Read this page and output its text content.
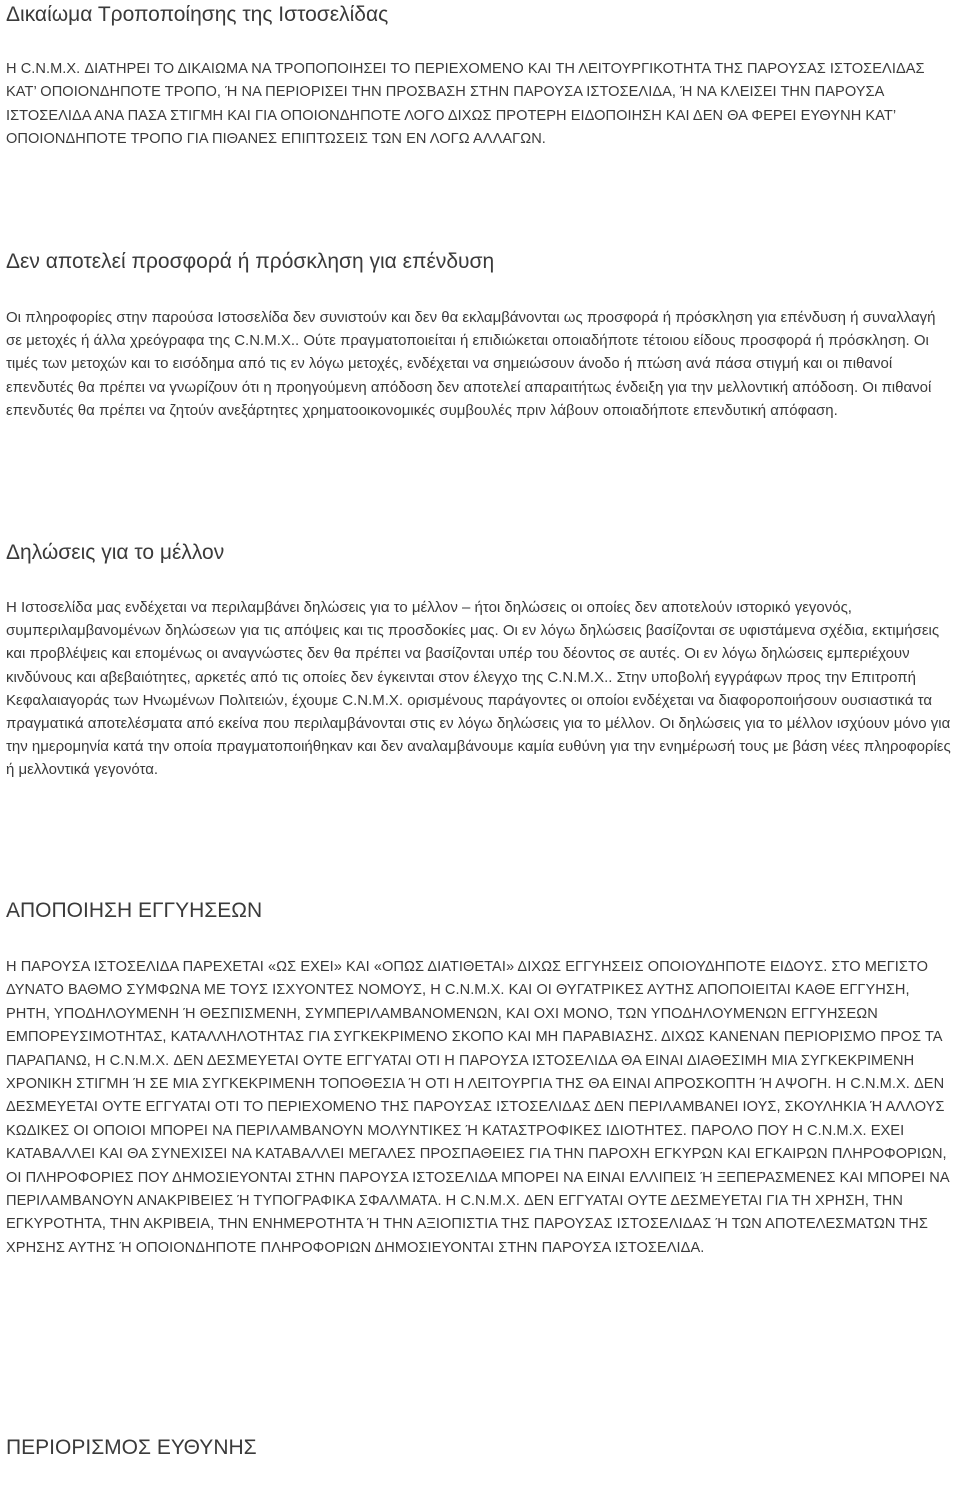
Δικαίωμα Τροποποίησης της Ιστοσελίδας

Η C.N.M.X. ΔΙΑΤΗΡΕΙ ΤΟ ΔΙΚΑΙΩΜΑ ΝΑ ΤΡΟΠΟΠΟΙΗΣΕΙ ΤΟ ΠΕΡΙΕΧΟΜΕΝΟ ΚΑΙ ΤΗ ΛΕΙΤΟΥΡΓΙΚΟΤΗΤΑ ΤΗΣ ΠΑΡΟΥΣΑΣ ΙΣΤΟΣΕΛΙΔΑΣ ΚΑΤ’ ΟΠΟΙΟΝΔΗΠΟΤΕ ΤΡΟΠΟ, Ή ΝΑ ΠΕΡΙΟΡΙΣΕΙ ΤΗΝ ΠΡΟΣΒΑΣΗ ΣΤΗΝ ΠΑΡΟΥΣΑ ΙΣΤΟΣΕΛΙΔΑ, Ή ΝΑ ΚΛΕΙΣΕΙ ΤΗΝ ΠΑΡΟΥΣΑ ΙΣΤΟΣΕΛΙΔΑ ΑΝΑ ΠΑΣΑ ΣΤΙΓΜΗ ΚΑΙ ΓΙΑ ΟΠΟΙΟΝΔΗΠΟΤΕ ΛΟΓΟ ΔΙΧΩΣ ΠΡΟΤΕΡΗ ΕΙΔΟΠΟΙΗΣΗ ΚΑΙ ΔΕΝ ΘΑ ΦΕΡΕΙ ΕΥΘΥΝΗ ΚΑΤ’ ΟΠΟΙΟΝΔΗΠΟΤΕ ΤΡΟΠΟ ΓΙΑ ΠΙΘΑΝΕΣ ΕΠΙΠΤΩΣΕΙΣ ΤΩΝ ΕΝ ΛΟΓΩ ΑΛΛΑΓΩΝ.

Δεν αποτελεί προσφορά ή πρόσκληση για επένδυση

Οι πληροφορίες στην παρούσα Ιστοσελίδα δεν συνιστούν και δεν θα εκλαμβάνονται ως προσφορά ή πρόσκληση για επένδυση ή συναλλαγή σε μετοχές ή άλλα χρεόγραφα της C.N.M.X.. Ούτε πραγματοποιείται ή επιδιώκεται οποιαδήποτε τέτοιου είδους προσφορά ή πρόσκληση. Οι τιμές των μετοχών και το εισόδημα από τις εν λόγω μετοχές, ενδέχεται να σημειώσουν άνοδο ή πτώση ανά πάσα στιγμή και οι πιθανοί επενδυτές θα πρέπει να γνωρίζουν ότι η προηγούμενη απόδοση δεν αποτελεί απαραιτήτως ένδειξη για την μελλοντική απόδοση. Οι πιθανοί επενδυτές θα πρέπει να ζητούν ανεξάρτητες χρηματοοικονομικές συμβουλές πριν λάβουν οποιαδήποτε επενδυτική απόφαση.

Δηλώσεις για το μέλλον

Η Ιστοσελίδα μας ενδέχεται να περιλαμβάνει δηλώσεις για το μέλλον – ήτοι δηλώσεις οι οποίες δεν αποτελούν ιστορικό γεγονός, συμπεριλαμβανομένων δηλώσεων για τις απόψεις και τις προσδοκίες μας. Οι εν λόγω δηλώσεις βασίζονται σε υφιστάμενα σχέδια, εκτιμήσεις και προβλέψεις και επομένως οι αναγνώστες δεν θα πρέπει να βασίζονται υπέρ του δέοντος σε αυτές. Οι εν λόγω δηλώσεις εμπεριέχουν κινδύνους και αβεβαιότητες, αρκετές από τις οποίες δεν έγκεινται στον έλεγχο της C.N.M.X.. Στην υποβολή εγγράφων προς την Επιτροπή Κεφαλαιαγοράς των Ηνωμένων Πολιτειών, έχουμε C.N.M.X. ορισμένους παράγοντες οι οποίοι ενδέχεται να διαφοροποιήσουν ουσιαστικά τα πραγματικά αποτελέσματα από εκείνα που περιλαμβάνονται στις εν λόγω δηλώσεις για το μέλλον. Οι δηλώσεις για το μέλλον ισχύουν μόνο για την ημερομηνία κατά την οποία πραγματοποιήθηκαν και δεν αναλαμβάνουμε καμία ευθύνη για την ενημέρωσή τους με βάση νέες πληροφορίες ή μελλοντικά γεγονότα.

ΑΠΟΠΟΙΗΣΗ ΕΓΓΥΗΣΕΩΝ

Η ΠΑΡΟΥΣΑ ΙΣΤΟΣΕΛΙΔΑ ΠΑΡΕΧΕΤΑΙ «ΩΣ ΕΧΕΙ» ΚΑΙ «ΟΠΩΣ ΔΙΑΤΙΘΕΤΑΙ» ΔΙΧΩΣ ΕΓΓΥΗΣΕΙΣ ΟΠΟΙΟΥΔΗΠΟΤΕ ΕΙΔΟΥΣ. ΣΤΟ ΜΕΓΙΣΤΟ ΔΥΝΑΤΟ ΒΑΘΜΟ ΣΥΜΦΩΝΑ ΜΕ ΤΟΥΣ ΙΣΧΥΟΝΤΕΣ ΝΟΜΟΥΣ, Η C.N.M.X. ΚΑΙ ΟΙ ΘΥΓΑΤΡΙΚΕΣ ΑΥΤΗΣ ΑΠΟΠΟΙΕΙΤΑΙ ΚΑΘΕ ΕΓΓΥΗΣΗ, ΡΗΤΗ, ΥΠΟΔΗΛΟΥΜΕΝΗ Ή ΘΕΣΠΙΣΜΕΝΗ, ΣΥΜΠΕΡΙΛΑΜΒΑΝΟΜΕΝΩΝ, ΚΑΙ ΟΧΙ ΜΟΝΟ, ΤΩΝ ΥΠΟΔΗΛΟΥΜΕΝΩΝ ΕΓΓΥΗΣΕΩΝ ΕΜΠΟΡΕΥΣΙΜΟΤΗΤΑΣ, ΚΑΤΑΛΛΗΛΟΤΗΤΑΣ ΓΙΑ ΣΥΓΚΕΚΡΙΜΕΝΟ ΣΚΟΠΟ ΚΑΙ ΜΗ ΠΑΡΑΒΙΑΣΗΣ. ΔΙΧΩΣ ΚΑΝΕΝΑΝ ΠΕΡΙΟΡΙΣΜΟ ΠΡΟΣ ΤΑ ΠΑΡΑΠΑΝΩ, Η C.N.M.X. ΔΕΝ ΔΕΣΜΕΥΕΤΑΙ ΟΥΤΕ ΕΓΓΥΑΤΑΙ ΟΤΙ Η ΠΑΡΟΥΣΑ ΙΣΤΟΣΕΛΙΔΑ ΘΑ ΕΙΝΑΙ ΔΙΑΘΕΣΙΜΗ ΜΙΑ ΣΥΓΚΕΚΡΙΜΕΝΗ ΧΡΟΝΙΚΗ ΣΤΙΓΜΗ Ή ΣΕ ΜΙΑ ΣΥΓΚΕΚΡΙΜΕΝΗ ΤΟΠΟΘΕΣΙΑ Ή ΟΤΙ Η ΛΕΙΤΟΥΡΓΙΑ ΤΗΣ ΘΑ ΕΙΝΑΙ ΑΠΡΟΣΚΟΠΤΗ Ή ΑΨΟΓΗ. Η C.N.M.X. ΔΕΝ ΔΕΣΜΕΥΕΤΑΙ ΟΥΤΕ ΕΓΓΥΑΤΑΙ ΟΤΙ ΤΟ ΠΕΡΙΕΧΟΜΕΝΟ ΤΗΣ ΠΑΡΟΥΣΑΣ ΙΣΤΟΣΕΛΙΔΑΣ ΔΕΝ ΠΕΡΙΛΑΜΒΑΝΕΙ ΙΟΥΣ, ΣΚΟΥΛΗΚΙΑ Ή ΑΛΛΟΥΣ ΚΩΔΙΚΕΣ ΟΙ ΟΠΟΙΟΙ ΜΠΟΡΕΙ ΝΑ ΠΕΡΙΛΑΜΒΑΝΟΥΝ ΜΟΛΥΝΤΙΚΕΣ Ή ΚΑΤΑΣΤΡΟΦΙΚΕΣ ΙΔΙΟΤΗΤΕΣ. ΠΑΡΟΛΟ ΠΟΥ Η C.N.M.X. ΕΧΕΙ ΚΑΤΑΒΑΛΛΕΙ ΚΑΙ ΘΑ ΣΥΝΕΧΙΣΕΙ ΝΑ ΚΑΤΑΒΑΛΛΕΙ ΜΕΓΑΛΕΣ ΠΡΟΣΠΑΘΕΙΕΣ ΓΙΑ ΤΗΝ ΠΑΡΟΧΗ ΕΓΚΥΡΩΝ ΚΑΙ ΕΓΚΑΙΡΩΝ ΠΛΗΡΟΦΟΡΙΩΝ, ΟΙ ΠΛΗΡΟΦΟΡΙΕΣ ΠΟΥ ΔΗΜΟΣΙΕΥΟΝΤΑΙ ΣΤΗΝ ΠΑΡΟΥΣΑ ΙΣΤΟΣΕΛΙΔΑ ΜΠΟΡΕΙ ΝΑ ΕΙΝΑΙ ΕΛΛΙΠΕΙΣ Ή ΞΕΠΕΡΑΣΜΕΝΕΣ ΚΑΙ ΜΠΟΡΕΙ ΝΑ ΠΕΡΙΛΑΜΒΑΝΟΥΝ ΑΝΑΚΡΙΒΕΙΕΣ Ή ΤΥΠΟΓΡΑΦΙΚΑ ΣΦΑΛΜΑΤΑ. Η C.N.M.X. ΔΕΝ ΕΓΓΥΑΤΑΙ ΟΥΤΕ ΔΕΣΜΕΥΕΤΑΙ ΓΙΑ ΤΗ ΧΡΗΣΗ, ΤΗΝ ΕΓΚΥΡΟΤΗΤΑ, ΤΗΝ ΑΚΡΙΒΕΙΑ, ΤΗΝ ΕΝΗΜΕΡΟΤΗΤΑ Ή ΤΗΝ ΑΞΙΟΠΙΣΤΙΑ ΤΗΣ ΠΑΡΟΥΣΑΣ ΙΣΤΟΣΕΛΙΔΑΣ Ή ΤΩΝ ΑΠΟΤΕΛΕΣΜΑΤΩΝ ΤΗΣ ΧΡΗΣΗΣ ΑΥΤΗΣ Ή ΟΠΟΙΟΝΔΗΠΟΤΕ ΠΛΗΡΟΦΟΡΙΩΝ ΔΗΜΟΣΙΕΥΟΝΤΑΙ ΣΤΗΝ ΠΑΡΟΥΣΑ ΙΣΤΟΣΕΛΙΔΑ.

ΠΕΡΙΟΡΙΣΜΟΣ ΕΥΘΥΝΗΣ
